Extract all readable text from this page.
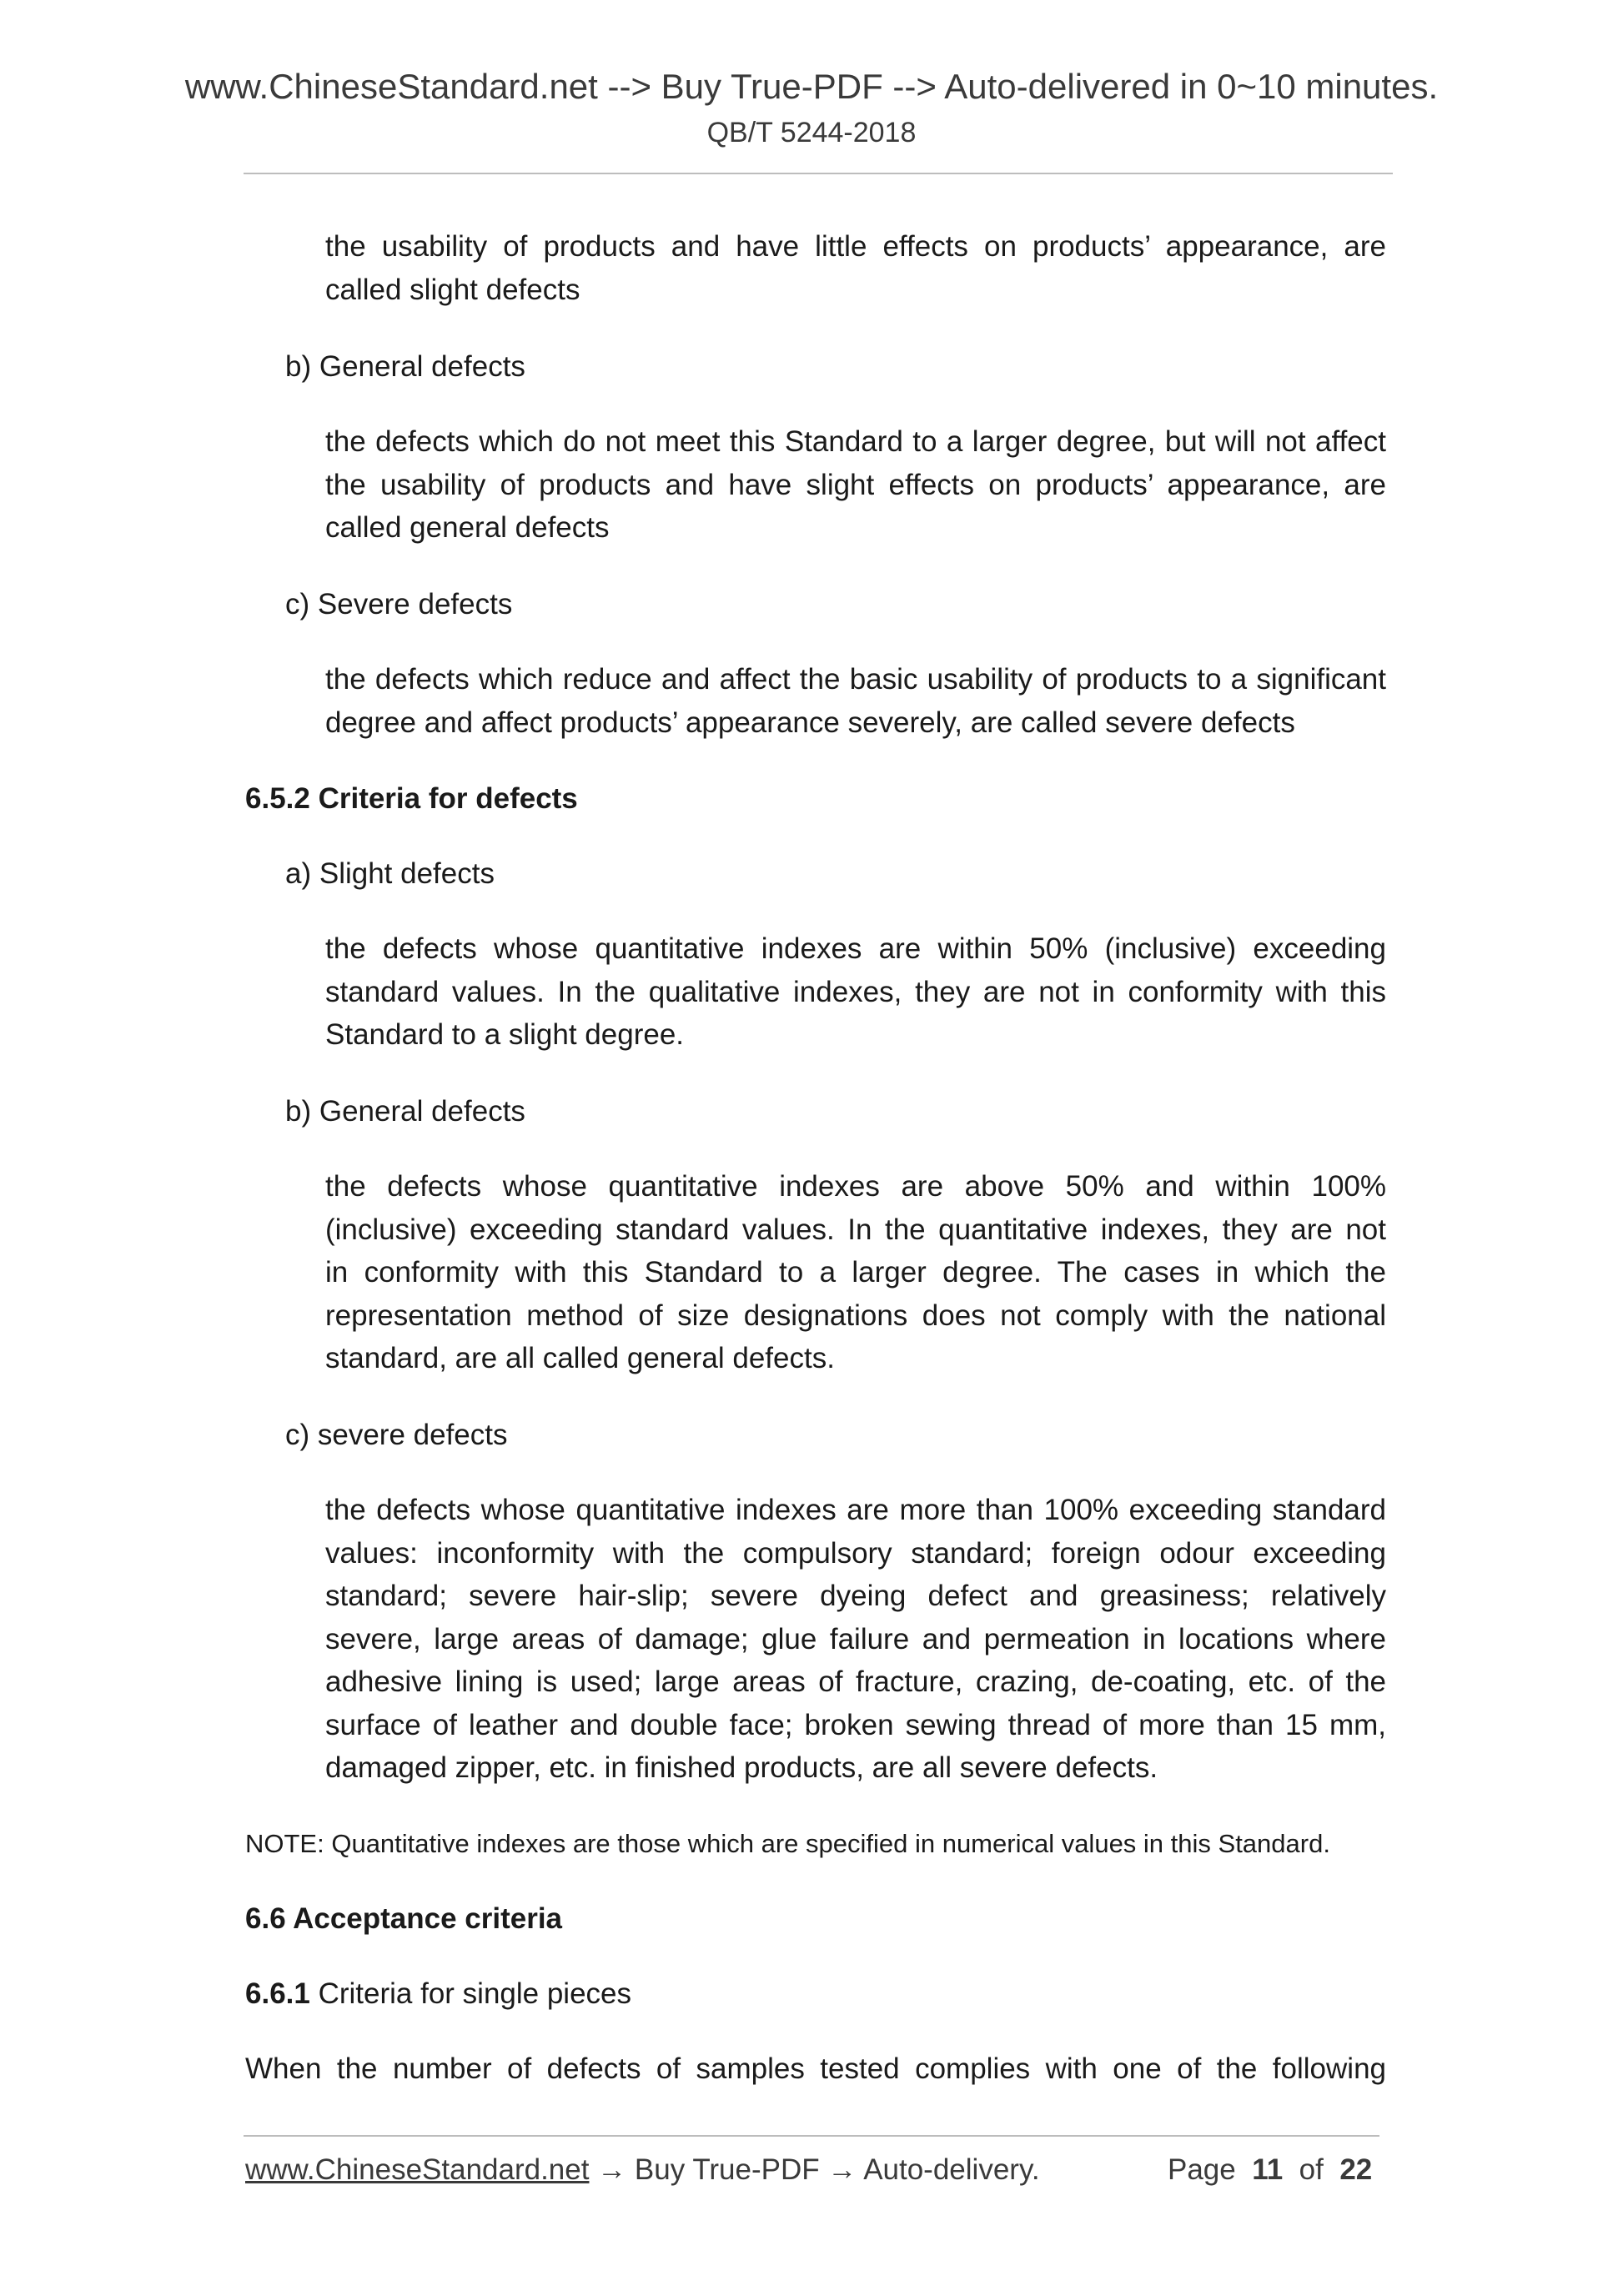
www.ChineseStandard.net --> Buy True-PDF --> Auto-delivered in 0~10 minutes.
QB/T 5244-2018
the usability of products and have little effects on products’ appearance, are
called slight defects
b) General defects
the defects which do not meet this Standard to a larger degree, but will not affect
the usability of products and have slight effects on products’ appearance, are
called general defects
c) Severe defects
the defects which reduce and affect the basic usability of products to a significant
degree and affect products’ appearance severely, are called severe defects
6.5.2 Criteria for defects
a) Slight defects
the defects whose quantitative indexes are within 50% (inclusive) exceeding
standard values. In the qualitative indexes, they are not in conformity with this
Standard to a slight degree.
b) General defects
the defects whose quantitative indexes are above 50% and within 100%
(inclusive) exceeding standard values. In the quantitative indexes, they are not
in conformity with this Standard to a larger degree. The cases in which the
representation method of size designations does not comply with the national
standard, are all called general defects.
c) severe defects
the defects whose quantitative indexes are more than 100% exceeding standard
values: inconformity with the compulsory standard; foreign odour exceeding
standard; severe hair-slip; severe dyeing defect and greasiness; relatively
severe, large areas of damage; glue failure and permeation in locations where
adhesive lining is used; large areas of fracture, crazing, de-coating, etc. of the
surface of leather and double face; broken sewing thread of more than 15 mm,
damaged zipper, etc. in finished products, are all severe defects.
NOTE: Quantitative indexes are those which are specified in numerical values in this Standard.
6.6 Acceptance criteria
6.6.1 Criteria for single pieces
When the number of defects of samples tested complies with one of the following
www.ChineseStandard.net → Buy True-PDF → Auto-delivery.	Page 11 of 22
